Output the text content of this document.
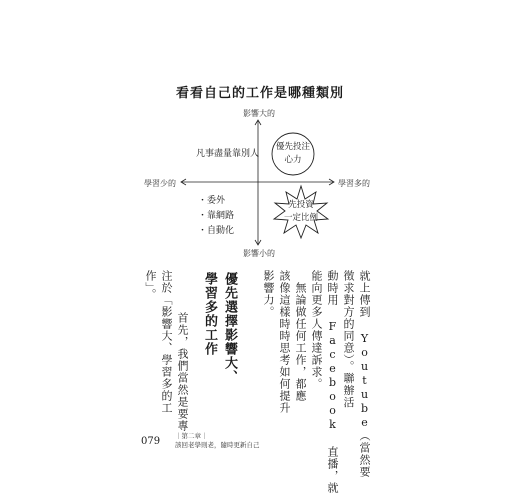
看看自己的工作是哪種類別
影響大的
影響小的
學習少的	學習多的
凡事盡量靠別人
優先投注
心力
・委外
・靠網路
・自動化
先投資
一定比例
就上傳到 Youtube（當然要
徵求對方的同意）。聯辦活
動時用 Facebook 直播，就
能向更多人傳達訴求。
　無論做任何工作，都應
該像這樣時時思考如何提升
影響力。
優先選擇影響大、
學習多的工作
　首先，我們當然是要專
注於「影響大、學習多的工
作」。
079 ｜第二章｜
該回老學則老，隨時更新自己
